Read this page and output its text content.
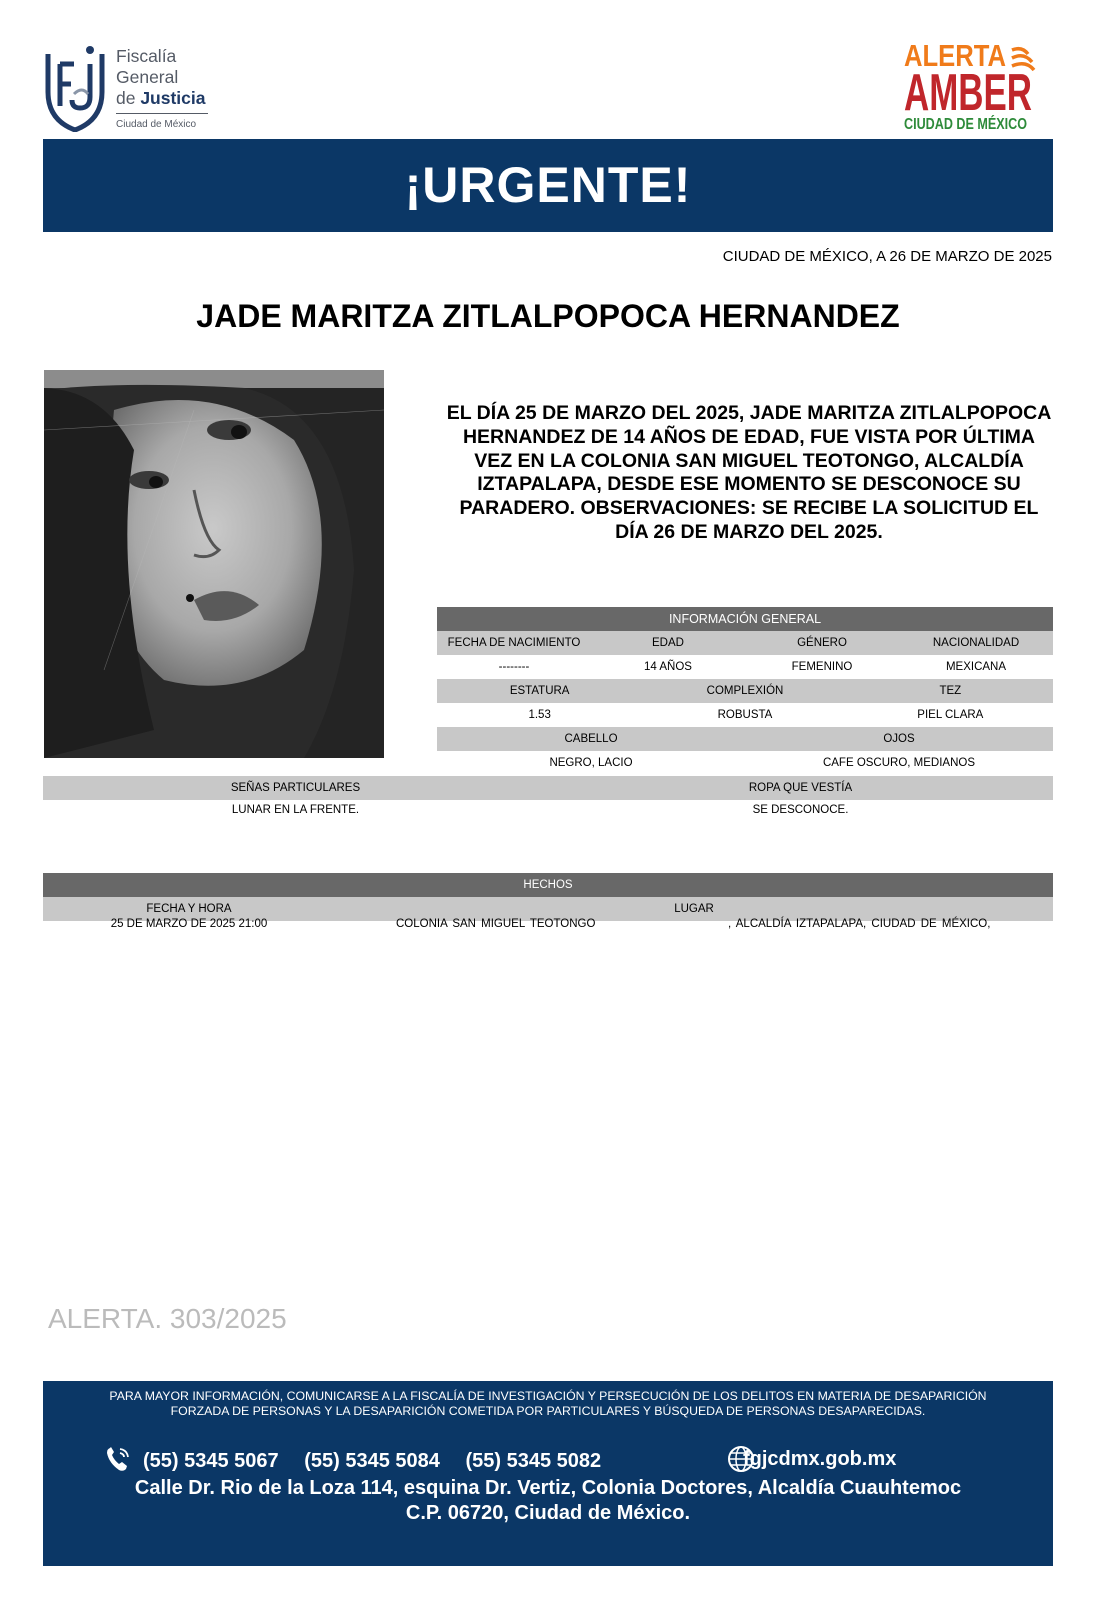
Fiscalía
General
de Justicia
Ciudad de México
ALERTA
AMBER
CIUDAD DE MÉXICO
¡URGENTE!
CIUDAD DE MÉXICO, A 26 DE MARZO DE 2025
JADE MARITZA ZITLALPOPOCA HERNANDEZ
EL DÍA 25 DE MARZO DEL 2025, JADE MARITZA ZITLALPOPOCA HERNANDEZ DE 14 AÑOS DE EDAD, FUE VISTA POR ÚLTIMA VEZ EN LA COLONIA SAN MIGUEL TEOTONGO, ALCALDÍA IZTAPALAPA, DESDE ESE MOMENTO SE DESCONOCE SU PARADERO. OBSERVACIONES: SE RECIBE LA SOLICITUD EL DÍA 26 DE MARZO DEL 2025.
INFORMACIÓN GENERAL
FECHA DE NACIMIENTO	EDAD	GÉNERO	NACIONALIDAD
--------	14 AÑOS	FEMENINO	MEXICANA
ESTATURA	COMPLEXIÓN	TEZ
1.53	ROBUSTA	PIEL CLARA
CABELLO	OJOS
NEGRO, LACIO	CAFE OSCURO, MEDIANOS
SEÑAS PARTICULARES	ROPA QUE VESTÍA
LUNAR EN LA FRENTE.	SE DESCONOCE.
HECHOS
FECHA Y HORA	LUGAR
25 DE MARZO DE 2025 21:00	COLONIA SAN MIGUEL TEOTONGO	, ALCALDÍA IZTAPALAPA, CIUDAD DE MÉXICO,
ALERTA. 303/2025
PARA MAYOR INFORMACIÓN, COMUNICARSE A LA FISCALÍA DE INVESTIGACIÓN Y PERSECUCIÓN DE LOS DELITOS EN MATERIA DE DESAPARICIÓN
FORZADA DE PERSONAS Y LA DESAPARICIÓN COMETIDA POR PARTICULARES Y BÚSQUEDA DE PERSONAS DESAPARECIDAS.
(55) 5345 5067 (55) 5345 5084 (55) 5345 5082	fgjcdmx.gob.mx
Calle Dr. Rio de la Loza 114, esquina Dr. Vertiz, Colonia Doctores, Alcaldía Cuauhtemoc
C.P. 06720, Ciudad de México.
